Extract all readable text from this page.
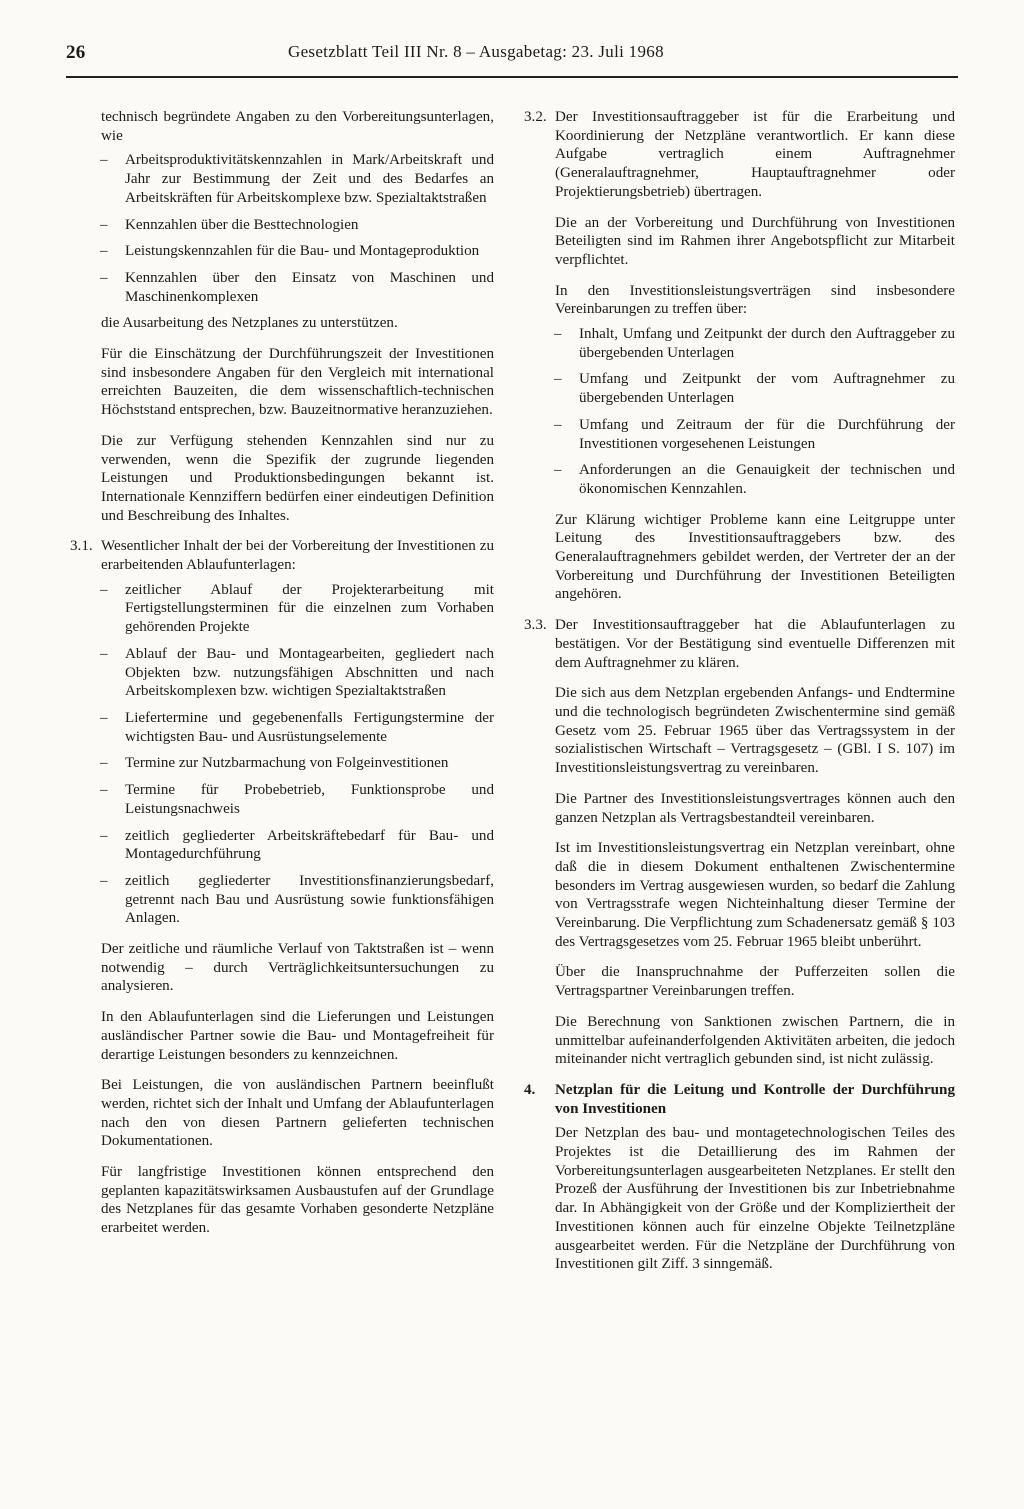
26	Gesetzblatt Teil III Nr. 8 – Ausgabetag: 23. Juli 1968

technisch begründete Angaben zu den Vorbereitungsunterlagen, wie

– Arbeitsproduktivitätskennzahlen in Mark/Arbeitskraft und Jahr zur Bestimmung der Zeit und des Bedarfes an Arbeitskräften für Arbeitskomplexe bzw. Spezialtaktstraßen
– Kennzahlen über die Besttechnologien
– Leistungskennzahlen für die Bau- und Montageproduktion
– Kennzahlen über den Einsatz von Maschinen und Maschinenkomplexen

die Ausarbeitung des Netzplanes zu unterstützen.

Für die Einschätzung der Durchführungszeit der Investitionen sind insbesondere Angaben für den Vergleich mit international erreichten Bauzeiten, die dem wissenschaftlich-technischen Höchststand entsprechen, bzw. Bauzeitnormative heranzuziehen.

Die zur Verfügung stehenden Kennzahlen sind nur zu verwenden, wenn die Spezifik der zugrunde liegenden Leistungen und Produktionsbedingungen bekannt ist. Internationale Kennziffern bedürfen einer eindeutigen Definition und Beschreibung des Inhaltes.

3.1. Wesentlicher Inhalt der bei der Vorbereitung der Investitionen zu erarbeitenden Ablaufunterlagen:
– zeitlicher Ablauf der Projekterarbeitung mit Fertigstellungsterminen für die einzelnen zum Vorhaben gehörenden Projekte
– Ablauf der Bau- und Montagearbeiten, gegliedert nach Objekten bzw. nutzungsfähigen Abschnitten und nach Arbeitskomplexen bzw. wichtigen Spezialtaktstraßen
– Liefertermine und gegebenenfalls Fertigungstermine der wichtigsten Bau- und Ausrüstungselemente
– Termine zur Nutzbarmachung von Folgeinvestitionen
– Termine für Probebetrieb, Funktionsprobe und Leistungsnachweis
– zeitlich gegliederter Arbeitskräftebedarf für Bau- und Montagedurchführung
– zeitlich gegliederter Investitionsfinanzierungsbedarf, getrennt nach Bau und Ausrüstung sowie funktionsfähigen Anlagen.

Der zeitliche und räumliche Verlauf von Taktstraßen ist – wenn notwendig – durch Verträglichkeitsuntersuchungen zu analysieren.

In den Ablaufunterlagen sind die Lieferungen und Leistungen ausländischer Partner sowie die Bau- und Montagefreiheit für derartige Leistungen besonders zu kennzeichnen.

Bei Leistungen, die von ausländischen Partnern beeinflußt werden, richtet sich der Inhalt und Umfang der Ablaufunterlagen nach den von diesen Partnern gelieferten technischen Dokumentationen.

Für langfristige Investitionen können entsprechend den geplanten kapazitätswirksamen Ausbaustufen auf der Grundlage des Netzplanes für das gesamte Vorhaben gesonderte Netzpläne erarbeitet werden.

3.2. Der Investitionsauftraggeber ist für die Erarbeitung und Koordinierung der Netzpläne verantwortlich. Er kann diese Aufgabe vertraglich einem Auftragnehmer (Generalauftragnehmer, Hauptauftragnehmer oder Projektierungsbetrieb) übertragen.

Die an der Vorbereitung und Durchführung von Investitionen Beteiligten sind im Rahmen ihrer Angebotspflicht zur Mitarbeit verpflichtet.

In den Investitionsleistungsverträgen sind insbesondere Vereinbarungen zu treffen über:

– Inhalt, Umfang und Zeitpunkt der durch den Auftraggeber zu übergebenden Unterlagen
– Umfang und Zeitpunkt der vom Auftragnehmer zu übergebenden Unterlagen
– Umfang und Zeitraum der für die Durchführung der Investitionen vorgesehenen Leistungen
– Anforderungen an die Genauigkeit der technischen und ökonomischen Kennzahlen.

Zur Klärung wichtiger Probleme kann eine Leitgruppe unter Leitung des Investitionsauftraggebers bzw. des Generalauftragnehmers gebildet werden, der Vertreter der an der Vorbereitung und Durchführung der Investitionen Beteiligten angehören.

3.3. Der Investitionsauftraggeber hat die Ablaufunterlagen zu bestätigen. Vor der Bestätigung sind eventuelle Differenzen mit dem Auftragnehmer zu klären.

Die sich aus dem Netzplan ergebenden Anfangs- und Endtermine und die technologisch begründeten Zwischentermine sind gemäß Gesetz vom 25. Februar 1965 über das Vertragssystem in der sozialistischen Wirtschaft – Vertragsgesetz – (GBl. I S. 107) im Investitionsleistungsvertrag zu vereinbaren.

Die Partner des Investitionsleistungsvertrages können auch den ganzen Netzplan als Vertragsbestandteil vereinbaren.

Ist im Investitionsleistungsvertrag ein Netzplan vereinbart, ohne daß die in diesem Dokument enthaltenen Zwischentermine besonders im Vertrag ausgewiesen wurden, so bedarf die Zahlung von Vertragsstrafe wegen Nichteinhaltung dieser Termine der Vereinbarung. Die Verpflichtung zum Schadenersatz gemäß § 103 des Vertragsgesetzes vom 25. Februar 1965 bleibt unberührt.

Über die Inanspruchnahme der Pufferzeiten sollen die Vertragspartner Vereinbarungen treffen.

Die Berechnung von Sanktionen zwischen Partnern, die in unmittelbar aufeinanderfolgenden Aktivitäten arbeiten, die jedoch miteinander nicht vertraglich gebunden sind, ist nicht zulässig.

4. Netzplan für die Leitung und Kontrolle der Durchführung von Investitionen

Der Netzplan des bau- und montagetechnologischen Teiles des Projektes ist die Detaillierung des im Rahmen der Vorbereitungsunterlagen ausgearbeiteten Netzplanes. Er stellt den Prozeß der Ausführung der Investitionen bis zur Inbetriebnahme dar. In Abhängigkeit von der Größe und der Kompliziertheit der Investitionen können auch für einzelne Objekte Teilnetzpläne ausgearbeitet werden. Für die Netzpläne der Durchführung von Investitionen gilt Ziff. 3 sinngemäß.
